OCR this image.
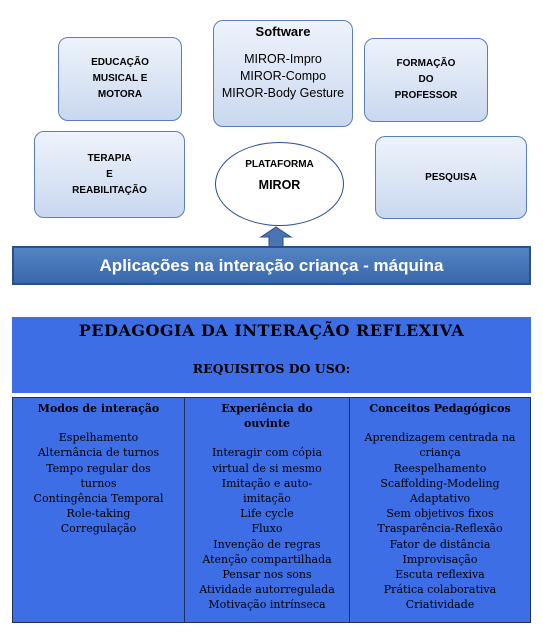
EDUCAÇÃO
MUSICAL E
MOTORA
Software
MIROR-Impro
MIROR-Compo
MIROR-Body Gesture
FORMAÇÃO
DO
PROFESSOR
TERAPIA
E
REABILITAÇÃO
PLATAFORMA
MIROR
PESQUISA
Aplicações na interação criança - máquina
PEDAGOGIA DA INTERAÇÃO REFLEXIVA
REQUISITOS DO USO:
Modos de interação
Espelhamento
Alternância de turnos
Tempo regular dos
turnos
Contingência Temporal
Role-taking
Corregulação
Experiência do
ouvinte
Interagir com cópia
virtual de si mesmo
Imitação e auto-
imitação
Life cycle
Fluxo
Invenção de regras
Atenção compartilhada
Pensar nos sons
Atividade autorregulada
Motivação intrínseca
Conceitos Pedagógicos
Aprendizagem centrada na
criança
Reespelhamento
Scaffolding-Modeling
Adaptativo
Sem objetivos fixos
Trasparência-Reflexão
Fator de distância
Improvisação
Escuta reflexiva
Prática colaborativa
Criatividade
